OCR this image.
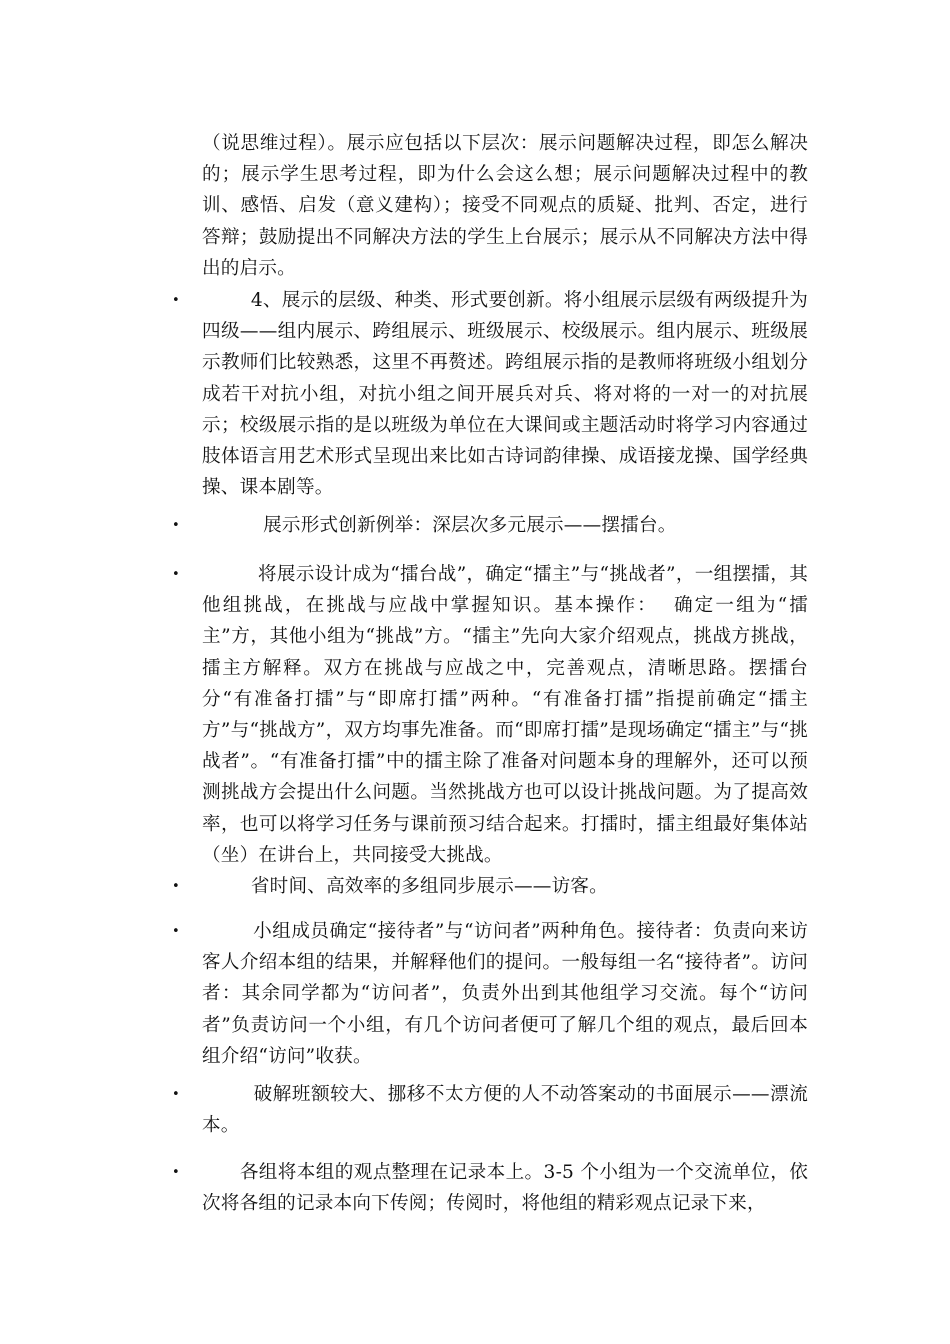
（说思维过程）。展示应包括以下层次：展示问题解决过程，即怎么解决的；展示学生思考过程，即为什么会这么想；展示问题解决过程中的教训、感悟、启发（意义建构）；接受不同观点的质疑、批判、否定，进行答辩；鼓励提出不同解决方法的学生上台展示；展示从不同解决方法中得出的启示。
• 4、展示的层级、种类、形式要创新。将小组展示层级有两级提升为四级——组内展示、跨组展示、班级展示、校级展示。组内展示、班级展示教师们比较熟悉，这里不再赘述。跨组展示指的是教师将班级小组划分成若干对抗小组，对抗小组之间开展兵对兵、将对将的一对一的对抗展示；校级展示指的是以班级为单位在大课间或主题活动时将学习内容通过肢体语言用艺术形式呈现出来比如古诗词韵律操、成语接龙操、国学经典操、课本剧等。
• 展示形式创新例举：深层次多元展示——摆擂台。
• 将展示设计成为“擂台战”，确定“擂主”与“挑战者”，一组摆擂，其他组挑战，在挑战与应战中掌握知识。基本操作：  确定一组为“擂主”方，其他小组为“挑战”方。“擂主”先向大家介绍观点，挑战方挑战，擂主方解释。双方在挑战与应战之中，完善观点，清晰思路。摆擂台分“有准备打擂”与“即席打擂”两种。“有准备打擂”指提前确定“擂主方”与“挑战方”，双方均事先准备。而“即席打擂”是现场确定“擂主”与“挑战者”。“有准备打擂”中的擂主除了准备对问题本身的理解外，还可以预测挑战方会提出什么问题。当然挑战方也可以设计挑战问题。为了提高效率，也可以将学习任务与课前预习结合起来。打擂时，擂主组最好集体站（坐）在讲台上，共同接受大挑战。
• 省时间、高效率的多组同步展示——访客。
• 小组成员确定“接待者”与“访问者”两种角色。接待者：负责向来访客人介绍本组的结果，并解释他们的提问。一般每组一名“接待者”。访问者：其余同学都为“访问者”，负责外出到其他组学习交流。每个“访问者”负责访问一个小组，有几个访问者便可了解几个组的观点，最后回本组介绍“访问”收获。
• 破解班额较大、挪移不太方便的人不动答案动的书面展示——漂流本。
• 各组将本组的观点整理在记录本上。3-5 个小组为一个交流单位，依次将各组的记录本向下传阅；传阅时，将他组的精彩观点记录下来，
